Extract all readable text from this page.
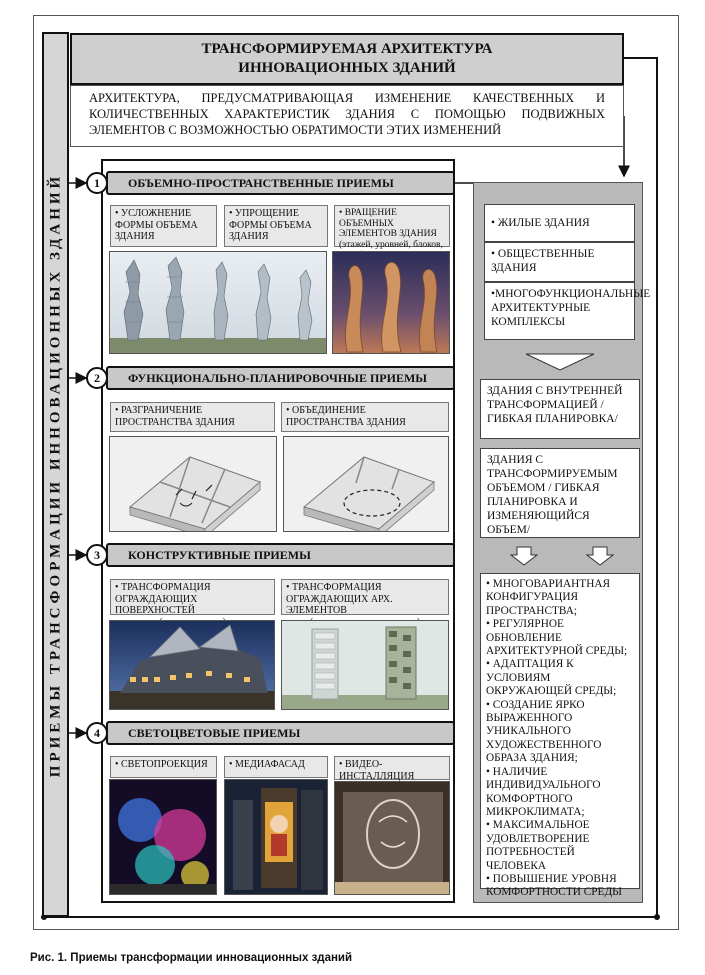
ПРИЕМЫ ТРАНСФОРМАЦИИ ИННОВАЦИОННЫХ ЗДАНИЙ
ТРАНСФОРМИРУЕМАЯ АРХИТЕКТУРА
ИННОВАЦИОННЫХ ЗДАНИЙ
АРХИТЕКТУРА, ПРЕДУСМАТРИВАЮЩАЯ ИЗМЕНЕНИЕ КАЧЕСТВЕННЫХ И КОЛИЧЕСТВЕННЫХ ХАРАКТЕРИСТИК ЗДАНИЯ С ПОМОЩЬЮ ПОДВИЖНЫХ ЭЛЕМЕНТОВ С ВОЗМОЖНОСТЬЮ ОБРАТИМОСТИ ЭТИХ ИЗМЕНЕНИЙ
1	ОБЪЕМНО-ПРОСТРАНСТВЕННЫЕ ПРИЕМЫ
• УСЛОЖНЕНИЕ ФОРМЫ ОБЪЕМА ЗДАНИЯ
• УПРОЩЕНИЕ ФОРМЫ ОБЪЕМА ЗДАНИЯ
• ВРАЩЕНИЕ ОБЪЕМНЫХ ЭЛЕМЕНТОВ ЗДАНИЯ (этажей, уровней, блоков,
2	ФУНКЦИОНАЛЬНО-ПЛАНИРОВОЧНЫЕ ПРИЕМЫ
• РАЗГРАНИЧЕНИЕ ПРОСТРАНСТВА ЗДАНИЯ
• ОБЪЕДИНЕНИЕ ПРОСТРАНСТВА ЗДАНИЯ
3	КОНСТРУКТИВНЫЕ ПРИЕМЫ
• ТРАНСФОРМАЦИЯ ОГРАЖДАЮЩИХ ПОВЕРХНОСТЕЙ

• ТРАНСФОРМАЦИЯ ОГРАЖДАЮЩИХ АРХ. ЭЛЕМЕНТОВ

4	СВЕТОЦВЕТОВЫЕ ПРИЕМЫ
• СВЕТОПРОЕКЦИЯ	• МЕДИАФАСАД	• ВИДЕО-ИНСТАЛЛЯЦИЯ
• ЖИЛЫЕ ЗДАНИЯ
• ОБЩЕСТВЕННЫЕ ЗДАНИЯ
•МНОГОФУНКЦИОНАЛЬНЫЕ АРХИТЕКТУРНЫЕ КОМПЛЕКСЫ
ЗДАНИЯ С ВНУТРЕННЕЙ ТРАНСФОРМАЦИЕЙ /ГИБКАЯ ПЛАНИРОВКА/
ЗДАНИЯ С ТРАНСФОРМИРУЕМЫМ ОБЪЕМОМ / ГИБКАЯ ПЛАНИРОВКА И ИЗМЕНЯЮЩИЙСЯ ОБЪЕМ/
• МНОГОВАРИАНТНАЯ КОНФИГУРАЦИЯ ПРОСТРАНСТВА;
• РЕГУЛЯРНОЕ ОБНОВЛЕНИЕ АРХИТЕКТУРНОЙ СРЕДЫ;
• АДАПТАЦИЯ К УСЛОВИЯМ ОКРУЖАЮЩЕЙ СРЕДЫ;
• СОЗДАНИЕ ЯРКО ВЫРАЖЕННОГО УНИКАЛЬНОГО ХУДОЖЕСТВЕННОГО ОБРАЗА ЗДАНИЯ;
• НАЛИЧИЕ ИНДИВИДУАЛЬНОГО КОМФОРТНОГО МИКРОКЛИМАТА;
• МАКСИМАЛЬНОЕ УДОВЛЕТВОРЕНИЕ ПОТРЕБНОСТЕЙ ЧЕЛОВЕКА
• ПОВЫШЕНИЕ УРОВНЯ КОМФОРТНОСТИ СРЕДЫ
Рис. 1. Приемы трансформации инновационных зданий
